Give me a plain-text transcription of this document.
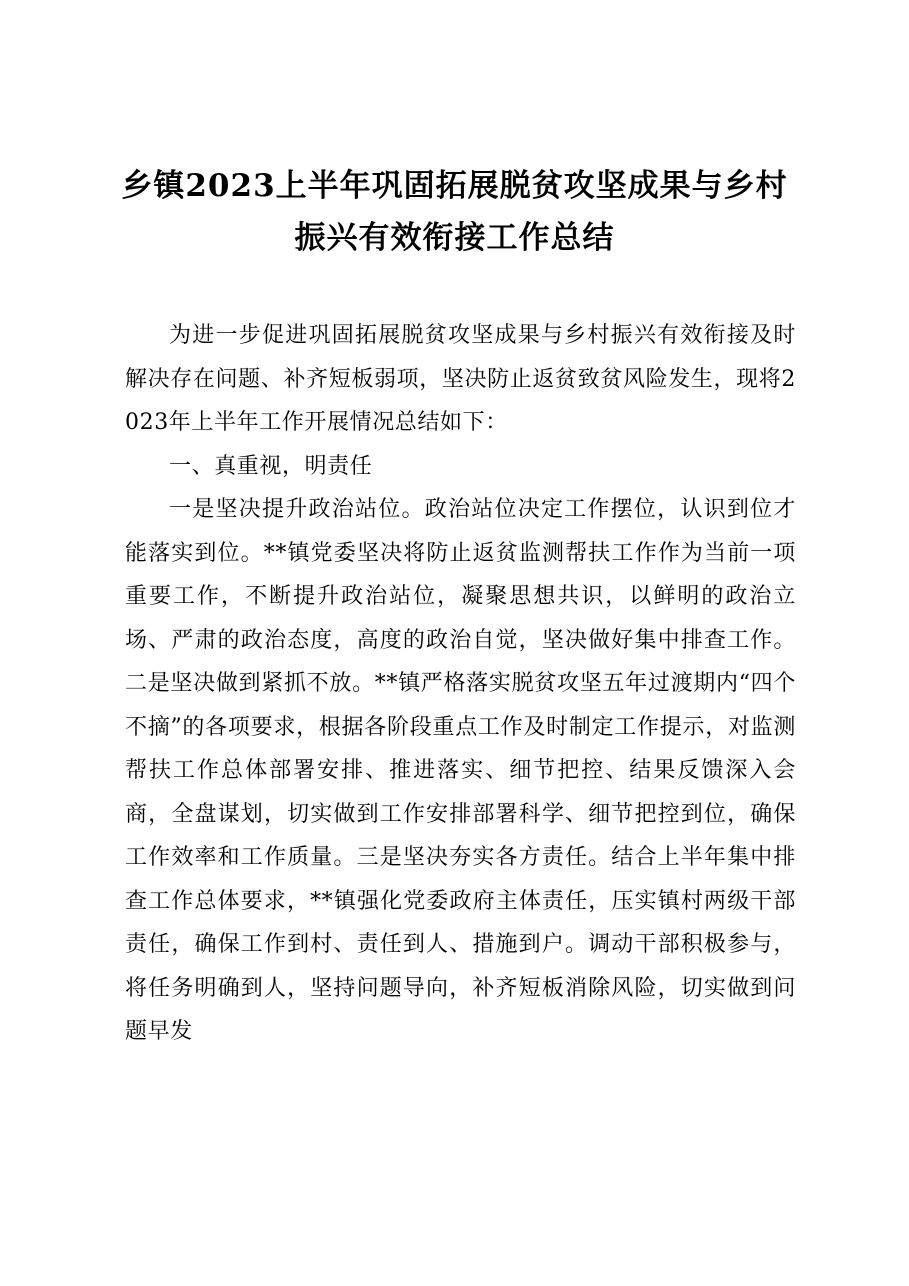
乡镇2023上半年巩固拓展脱贫攻坚成果与乡村振兴有效衔接工作总结

为进一步促进巩固拓展脱贫攻坚成果与乡村振兴有效衔接及时解决存在问题、补齐短板弱项，坚决防止返贫致贫风险发生，现将2023年上半年工作开展情况总结如下：

一、真重视，明责任

一是坚决提升政治站位。政治站位决定工作摆位，认识到位才能落实到位。**镇党委坚决将防止返贫监测帮扶工作作为当前一项重要工作，不断提升政治站位，凝聚思想共识，以鲜明的政治立场、严肃的政治态度，高度的政治自觉，坚决做好集中排查工作。二是坚决做到紧抓不放。**镇严格落实脱贫攻坚五年过渡期内“四个不摘”的各项要求，根据各阶段重点工作及时制定工作提示，对监测帮扶工作总体部署安排、推进落实、细节把控、结果反馈深入会商，全盘谋划，切实做到工作安排部署科学、细节把控到位，确保工作效率和工作质量。三是坚决夯实各方责任。结合上半年集中排查工作总体要求，**镇强化党委政府主体责任，压实镇村两级干部责任，确保工作到村、责任到人、措施到户。调动干部积极参与，将任务明确到人，坚持问题导向，补齐短板消除风险，切实做到问题早发
